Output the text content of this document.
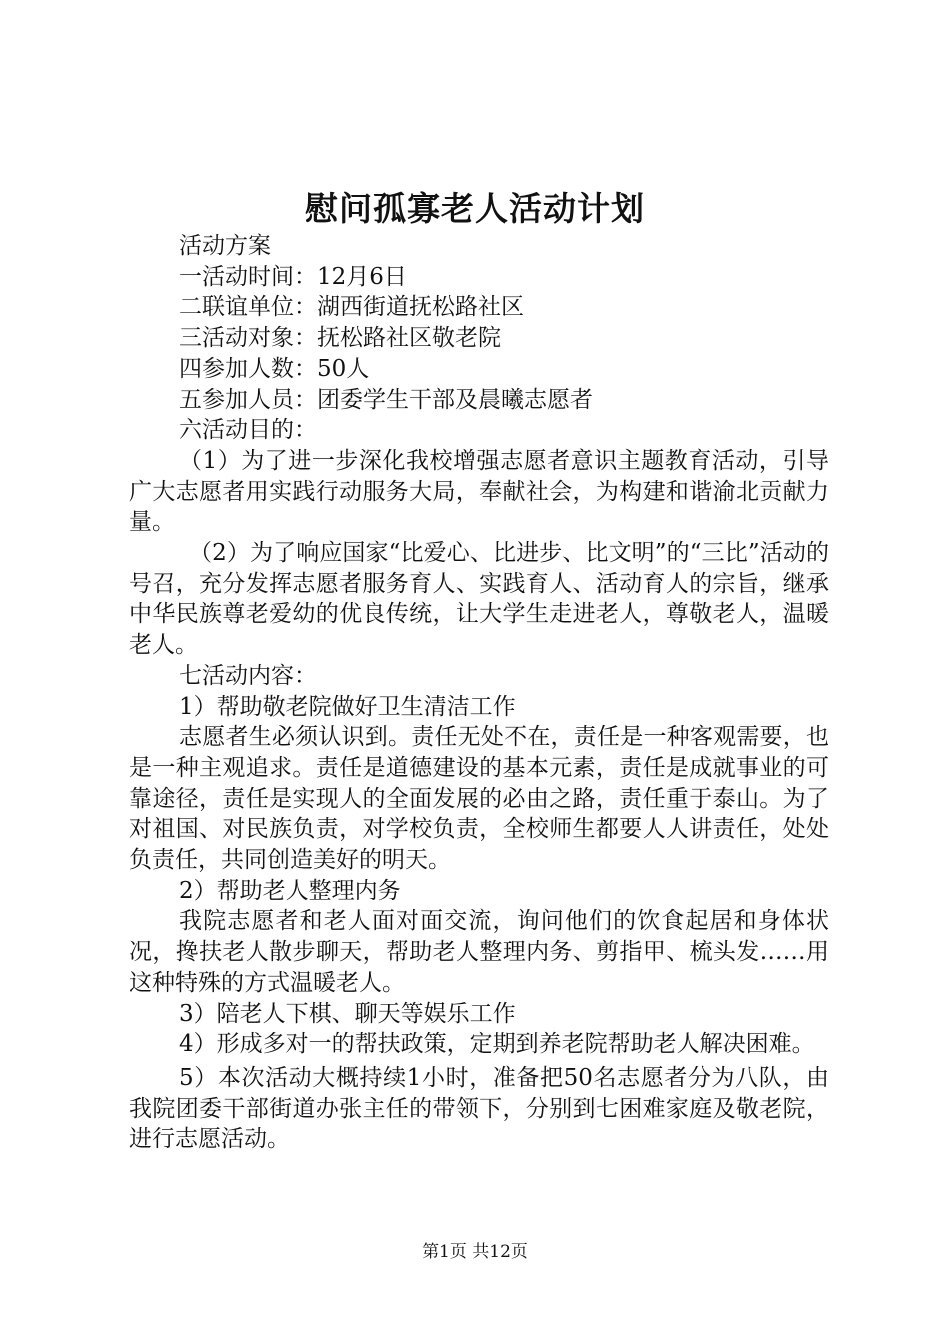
慰问孤寡老人活动计划

活动方案

一活动时间：12月6日

二联谊单位：湖西街道抚松路社区

三活动对象：抚松路社区敬老院

四参加人数：50人

五参加人员：团委学生干部及晨曦志愿者

六活动目的：

（1）为了进一步深化我校增强志愿者意识主题教育活动，引导广大志愿者用实践行动服务大局，奉献社会，为构建和谐渝北贡献力量。

（2）为了响应国家“比爱心、比进步、比文明”的“三比”活动的号召，充分发挥志愿者服务育人、实践育人、活动育人的宗旨，继承中华民族尊老爱幼的优良传统，让大学生走进老人，尊敬老人，温暖老人。

七活动内容：

1）帮助敬老院做好卫生清洁工作

志愿者生必须认识到。责任无处不在，责任是一种客观需要，也是一种主观追求。责任是道德建设的基本元素，责任是成就事业的可靠途径，责任是实现人的全面发展的必由之路，责任重于泰山。为了对祖国、对民族负责，对学校负责，全校师生都要人人讲责任，处处负责任，共同创造美好的明天。

2）帮助老人整理内务

我院志愿者和老人面对面交流，询问他们的饮食起居和身体状况，搀扶老人散步聊天，帮助老人整理内务、剪指甲、梳头发……用这种特殊的方式温暖老人。

3）陪老人下棋、聊天等娱乐工作

4）形成多对一的帮扶政策，定期到养老院帮助老人解决困难。

5）本次活动大概持续1小时，准备把50名志愿者分为八队，由我院团委干部街道办张主任的带领下，分别到七困难家庭及敬老院，进行志愿活动。

第1页 共12页
